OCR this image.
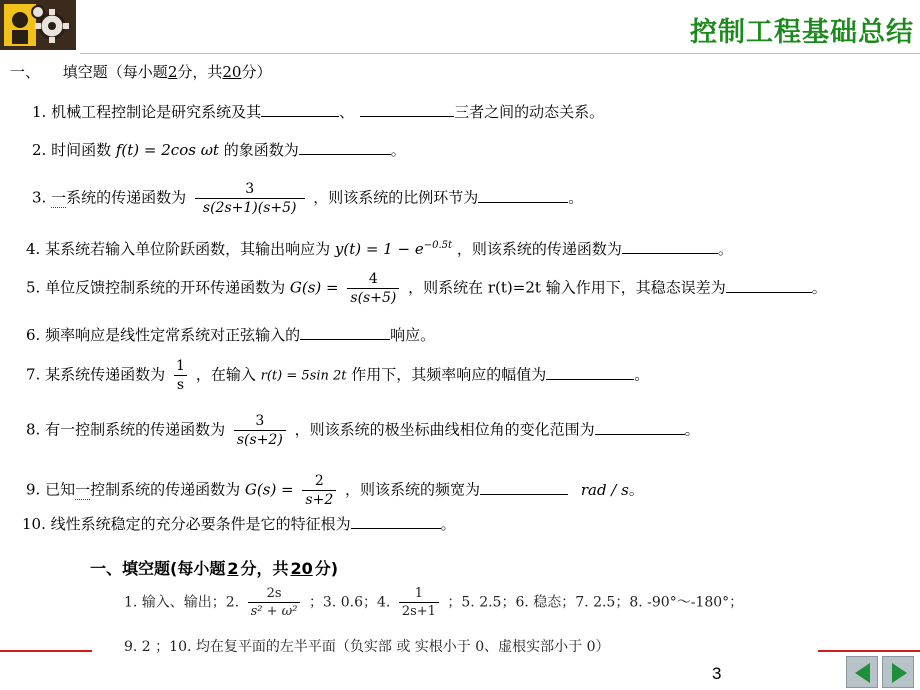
控制工程基础总结
一、 填空题（每小题2分，共20分）
1. 机械工程控制论是研究系统及其	、	三者之间的动态关系。
2. 时间函数 f(t) = 2cos ωt 的象函数为	。
3. 一系统的传递函数为 $\frac{3}{s(2s+1)(s+5)}$ ，则该系统的比例环节为	。
4. 某系统若输入单位阶跃函数，其输出响应为 $y(t) = 1 - e^{-0.5t}$ ，则该系统的传递函数为	。
5. 单位反馈控制系统的开环传递函数为 $G(s) = \frac{4}{s(s+5)}$ ，则系统在 r(t)=2t 输入作用下，其稳态误差为	。
6. 频率响应是线性定常系统对正弦输入的	响应。
7. 某系统传递函数为 $\frac{1}{s}$ ，在输入 r(t) = 5sin 2t 作用下，其频率响应的幅值为	。
8. 有一控制系统的传递函数为 $\frac{3}{s(s+2)}$ ，则该系统的极坐标曲线相位角的变化范围为	。
9. 已知一控制系统的传递函数为 $G(s) = \frac{2}{s+2}$ ，则该系统的频宽为	rad / s。
10. 线性系统稳定的充分必要条件是它的特征根为	。
一、填空题(每小题 2 分，共 20 分)
1. 输入、输出；2. $\frac{2s}{\text{s² + ω²}}$ ；3. 0.6；4. $\frac{1}{2s+1}$ ；5. 2.5；6. 稳态；7. 2.5；8. -90°～-180°；
9. 2 ；10. 均在复平面的左半平面（负实部 或 实根小于 0、虚根实部小于 0）
3
